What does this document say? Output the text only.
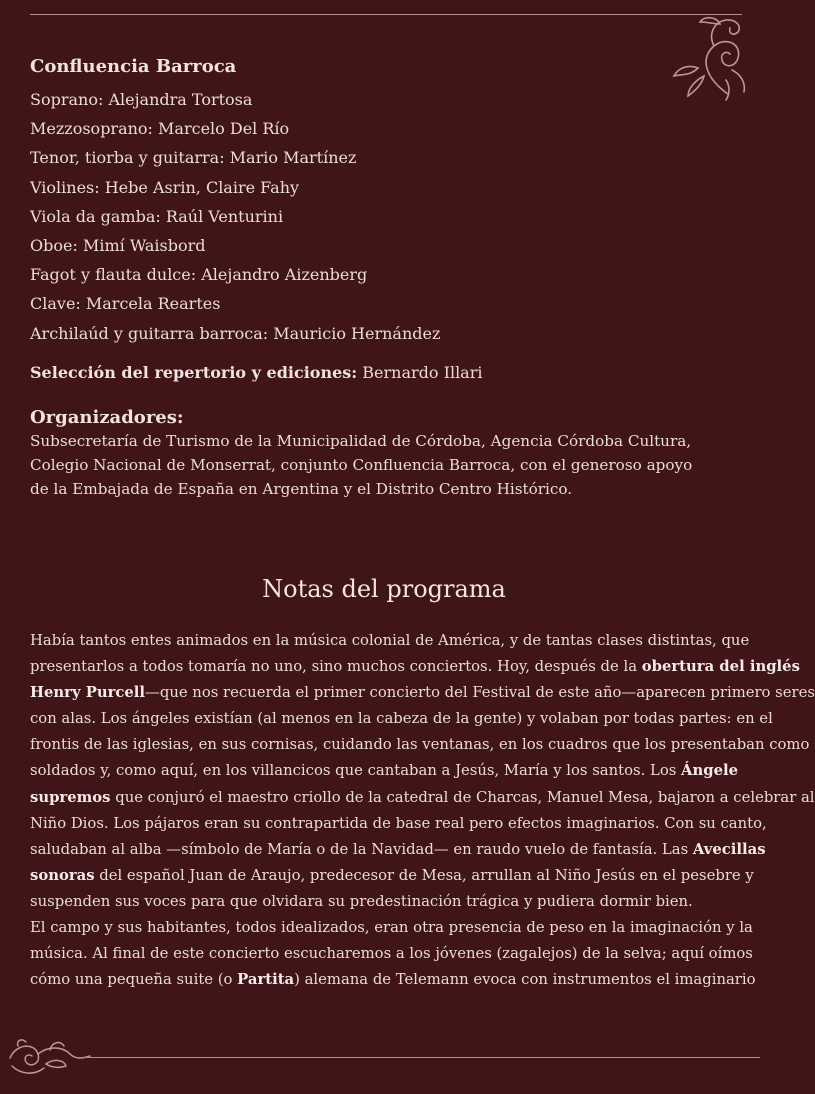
Confluencia Barroca
Soprano: Alejandra Tortosa
Mezzosoprano: Marcelo Del Río
Tenor, tiorba y guitarra: Mario Martínez
Violines: Hebe Asrin, Claire Fahy
Viola da gamba: Raúl Venturini
Oboe: Mimí Waisbord
Fagot y flauta dulce: Alejandro Aizenberg
Clave: Marcela Reartes
Archilaúd y guitarra barroca: Mauricio Hernández
Selección del repertorio y ediciones: Bernardo Illari
Organizadores:
Subsecretaría de Turismo de la Municipalidad de Córdoba, Agencia Córdoba Cultura,
Colegio Nacional de Monserrat, conjunto Confluencia Barroca, con el generoso apoyo
de la Embajada de España en Argentina y el Distrito Centro Histórico.
Notas del programa
Había tantos entes animados en la música colonial de América, y de tantas clases distintas, que
presentarlos a todos tomaría no uno, sino muchos conciertos. Hoy, después de la obertura del inglés
Henry Purcell—que nos recuerda el primer concierto del Festival de este año—aparecen primero seres
con alas. Los ángeles existían (al menos en la cabeza de la gente) y volaban por todas partes: en el
frontis de las iglesias, en sus cornisas, cuidando las ventanas, en los cuadros que los presentaban como
soldados y, como aquí, en los villancicos que cantaban a Jesús, María y los santos. Los Ángele
supremos que conjuró el maestro criollo de la catedral de Charcas, Manuel Mesa, bajaron a celebrar al
Niño Dios. Los pájaros eran su contrapartida de base real pero efectos imaginarios. Con su canto,
saludaban al alba —símbolo de María o de la Navidad— en raudo vuelo de fantasía. Las Avecillas
sonoras del español Juan de Araujo, predecesor de Mesa, arrullan al Niño Jesús en el pesebre y
suspenden sus voces para que olvidara su predestinación trágica y pudiera dormir bien.
El campo y sus habitantes, todos idealizados, eran otra presencia de peso en la imaginación y la
música. Al final de este concierto escucharemos a los jóvenes (zagalejos) de la selva; aquí oímos
cómo una pequeña suite (o Partita) alemana de Telemann evoca con instrumentos el imaginario
